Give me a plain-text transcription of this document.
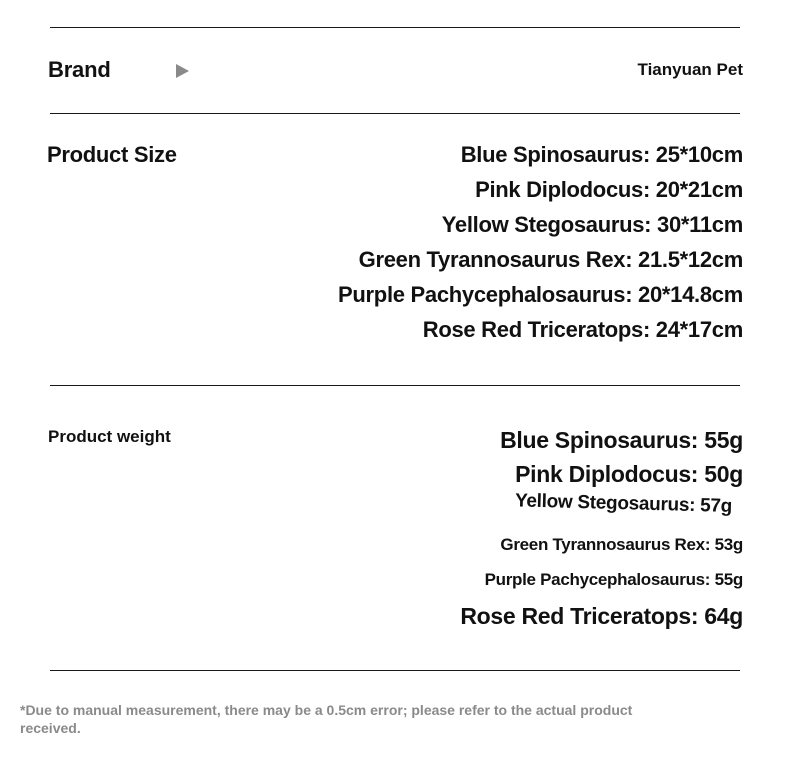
Brand	Tianyuan Pet
Product Size	Blue Spinosaurus: 25*10cm
Pink Diplodocus: 20*21cm
Yellow Stegosaurus: 30*11cm
Green Tyrannosaurus Rex: 21.5*12cm
Purple Pachycephalosaurus: 20*14.8cm
Rose Red Triceratops: 24*17cm
Product weight	Blue Spinosaurus: 55g
Pink Diplodocus: 50g
Yellow Stegosaurus: 57g
Green Tyrannosaurus Rex: 53g
Purple Pachycephalosaurus: 55g
Rose Red Triceratops: 64g
*Due to manual measurement, there may be a 0.5cm error; please refer to the actual product received.
